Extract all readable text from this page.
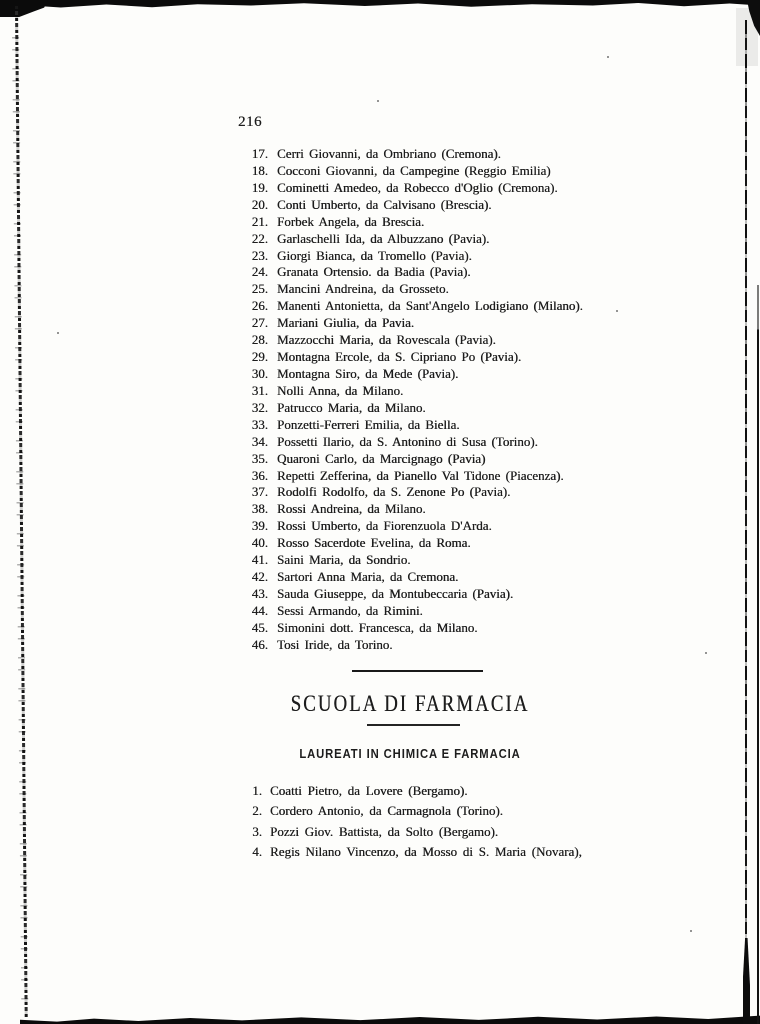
216
17. Cerri Giovanni, da Ombriano (Cremona).
18. Cocconi Giovanni, da Campegine (Reggio Emilia)
19. Cominetti Amedeo, da Robecco d'Oglio (Cremona).
20. Conti Umberto, da Calvisano (Brescia).
21. Forbek Angela, da Brescia.
22. Garlaschelli Ida, da Albuzzano (Pavia).
23. Giorgi Bianca, da Tromello (Pavia).
24. Granata Ortensio. da Badia (Pavia).
25. Mancini Andreina, da Grosseto.
26. Manenti Antonietta, da Sant'Angelo Lodigiano (Milano).
27. Mariani Giulia, da Pavia.
28. Mazzocchi Maria, da Rovescala (Pavia).
29. Montagna Ercole, da S. Cipriano Po (Pavia).
30. Montagna Siro, da Mede (Pavia).
31. Nolli Anna, da Milano.
32. Patrucco Maria, da Milano.
33. Ponzetti-Ferreri Emilia, da Biella.
34. Possetti Ilario, da S. Antonino di Susa (Torino).
35. Quaroni Carlo, da Marcignago (Pavia)
36. Repetti Zefferina, da Pianello Val Tidone (Piacenza).
37. Rodolfi Rodolfo, da S. Zenone Po (Pavia).
38. Rossi Andreina, da Milano.
39. Rossi Umberto, da Fiorenzuola D'Arda.
40. Rosso Sacerdote Evelina, da Roma.
41. Saini Maria, da Sondrio.
42. Sartori Anna Maria, da Cremona.
43. Sauda Giuseppe, da Montubeccaria (Pavia).
44. Sessi Armando, da Rimini.
45. Simonini dott. Francesca, da Milano.
46. Tosi Iride, da Torino.
SCUOLA DI FARMACIA
LAUREATI IN CHIMICA E FARMACIA
1. Coatti Pietro, da Lovere (Bergamo).
2. Cordero Antonio, da Carmagnola (Torino).
3. Pozzi Giov. Battista, da Solto (Bergamo).
4. Regis Nilano Vincenzo, da Mosso di S. Maria (Novara),
